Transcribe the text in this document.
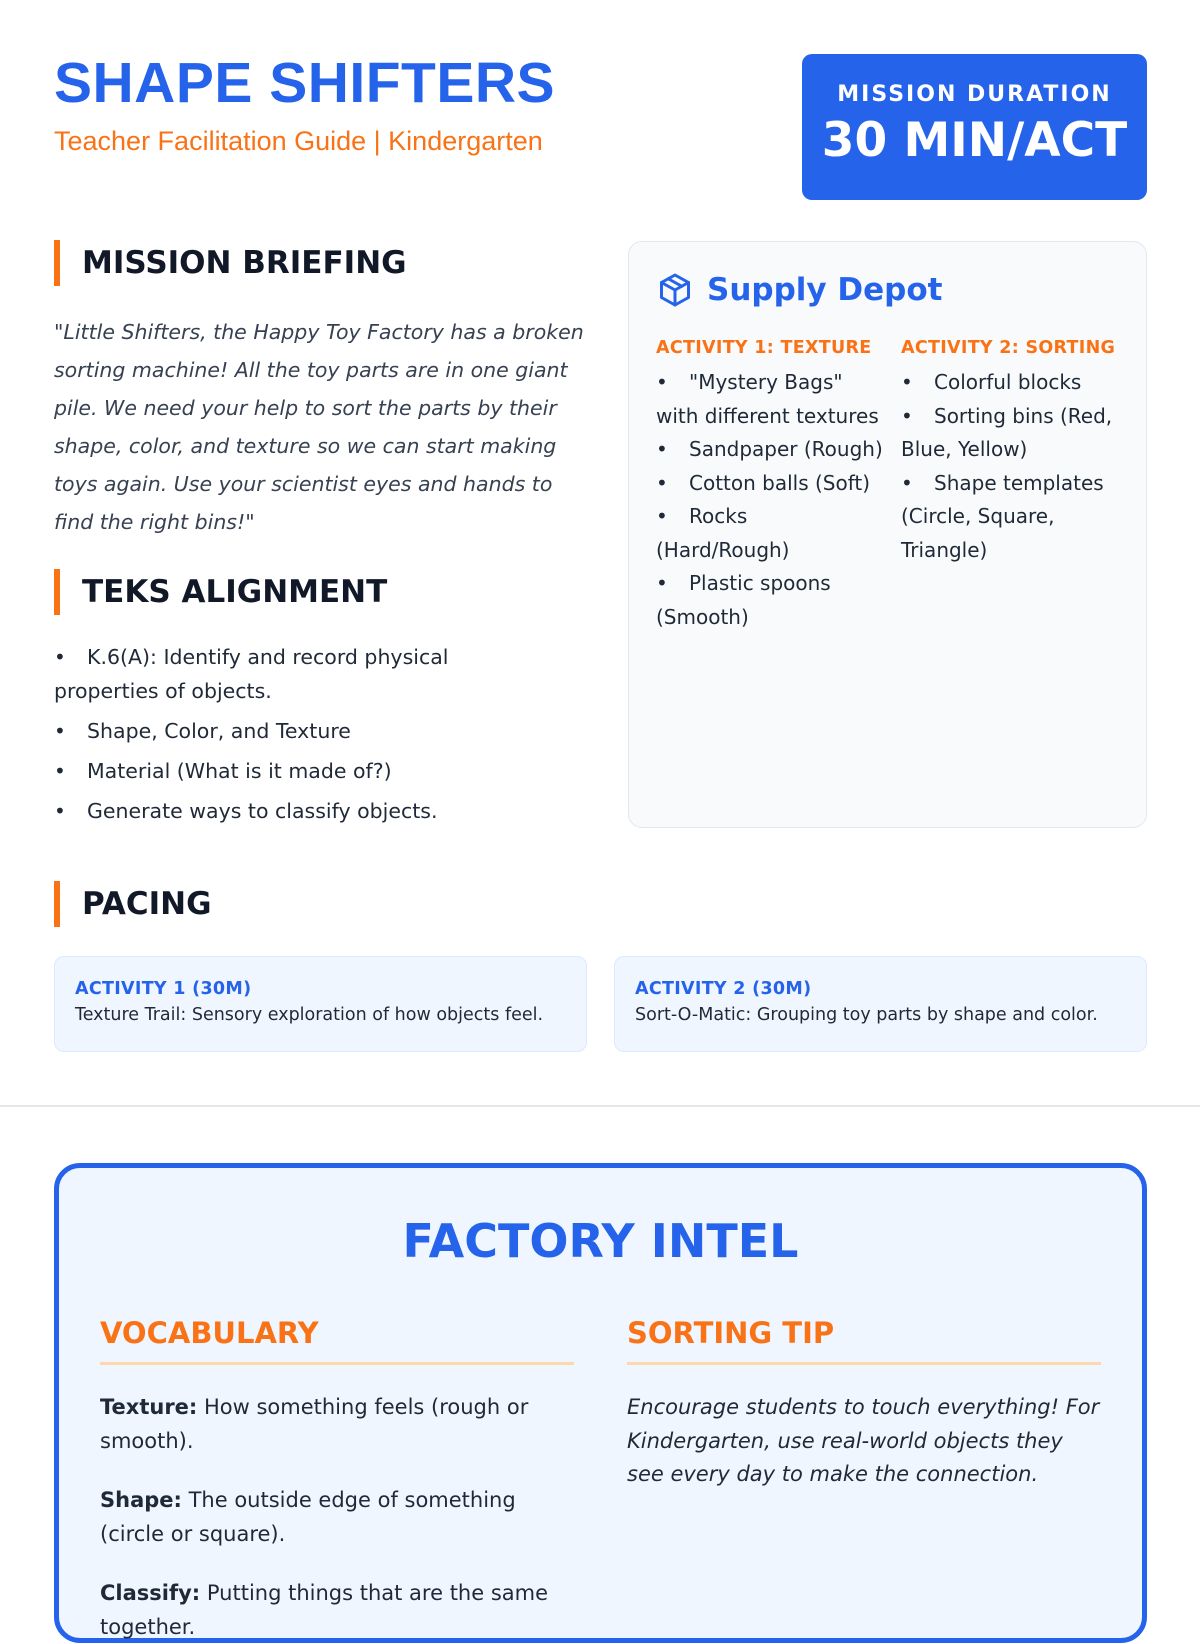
SHAPE SHIFTERS
Teacher Facilitation Guide | Kindergarten
MISSION DURATION
30 MIN/ACT
MISSION BRIEFING
"Little Shifters, the Happy Toy Factory has a broken sorting machine! All the toy parts are in one giant pile. We need your help to sort the parts by their shape, color, and texture so we can start making toys again. Use your scientist eyes and hands to find the right bins!"
TEKS ALIGNMENT
• K.6(A): Identify and record physical properties of objects.
• Shape, Color, and Texture
• Material (What is it made of?)
• Generate ways to classify objects.
Supply Depot
ACTIVITY 1: TEXTURE
• "Mystery Bags" with different textures
• Sandpaper (Rough)
• Cotton balls (Soft)
• Rocks (Hard/Rough)
• Plastic spoons (Smooth)
ACTIVITY 2: SORTING
• Colorful blocks
• Sorting bins (Red, Blue, Yellow)
• Shape templates (Circle, Square, Triangle)
PACING
ACTIVITY 1 (30M)
Texture Trail: Sensory exploration of how objects feel.
ACTIVITY 2 (30M)
Sort-O-Matic: Grouping toy parts by shape and color.
FACTORY INTEL
VOCABULARY

Texture: How something feels (rough or smooth).

Shape: The outside edge of something (circle or square).

Classify: Putting things that are the same together.

SORTING TIP

Encourage students to touch everything! For Kindergarten, use real-world objects they see every day to make the connection.
